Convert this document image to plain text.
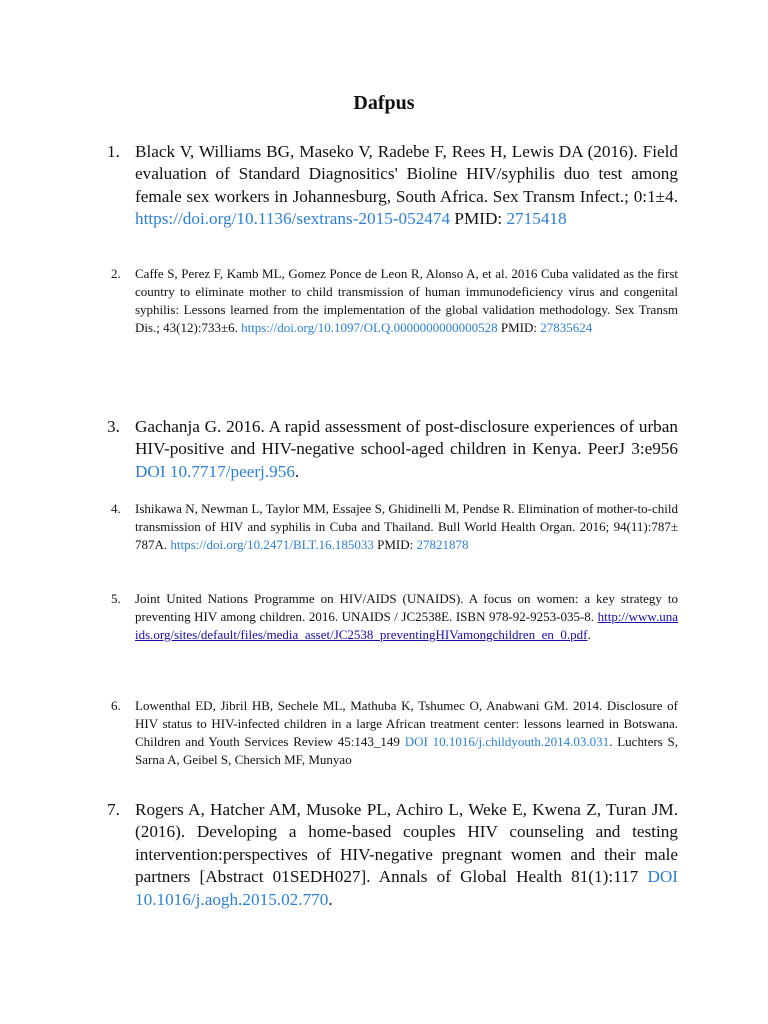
Dafpus

1. Black V, Williams BG, Maseko V, Radebe F, Rees H, Lewis DA (2016). Field evaluation of Standard Diagnositics' Bioline HIV/syphilis duo test among female sex workers in Johannesburg, South Africa. Sex Transm Infect.; 0:1±4. https://doi.org/10.1136/sextrans-2015-052474 PMID: 2715418

2. Caffe S, Perez F, Kamb ML, Gomez Ponce de Leon R, Alonso A, et al. 2016 Cuba validated as the first country to eliminate mother to child transmission of human immunodeficiency virus and congenital syphilis: Lessons learned from the implementation of the global validation methodology. Sex Transm Dis.; 43(12):733±6. https://doi.org/10.1097/OLQ.0000000000000528 PMID: 27835624

3. Gachanja G. 2016. A rapid assessment of post-disclosure experiences of urban HIV-positive and HIV-negative school-aged children in Kenya. PeerJ 3:e956 DOI 10.7717/peerj.956.

4. Ishikawa N, Newman L, Taylor MM, Essajee S, Ghidinelli M, Pendse R. Elimination of mother-to-child transmission of HIV and syphilis in Cuba and Thailand. Bull World Health Organ. 2016; 94(11):787± 787A. https://doi.org/10.2471/BLT.16.185033 PMID: 27821878

5. Joint United Nations Programme on HIV/AIDS (UNAIDS). A focus on women: a key strategy to preventing HIV among children. 2016. UNAIDS / JC2538E. ISBN 978-92-9253-035-8. http://www.unaids.org/sites/default/files/media_asset/JC2538_preventingHIVamongchildren_en_0.pdf.

6. Lowenthal ED, Jibril HB, Sechele ML, Mathuba K, Tshumec O, Anabwani GM. 2014. Disclosure of HIV status to HIV-infected children in a large African treatment center: lessons learned in Botswana. Children and Youth Services Review 45:143_149 DOI 10.1016/j.childyouth.2014.03.031. Luchters S, Sarna A, Geibel S, Chersich MF, Munyao

7. Rogers A, Hatcher AM, Musoke PL, Achiro L, Weke E, Kwena Z, Turan JM. (2016). Developing a home-based couples HIV counseling and testing intervention:perspectives of HIV-negative pregnant women and their male partners [Abstract 01SEDH027]. Annals of Global Health 81(1):117 DOI 10.1016/j.aogh.2015.02.770.
